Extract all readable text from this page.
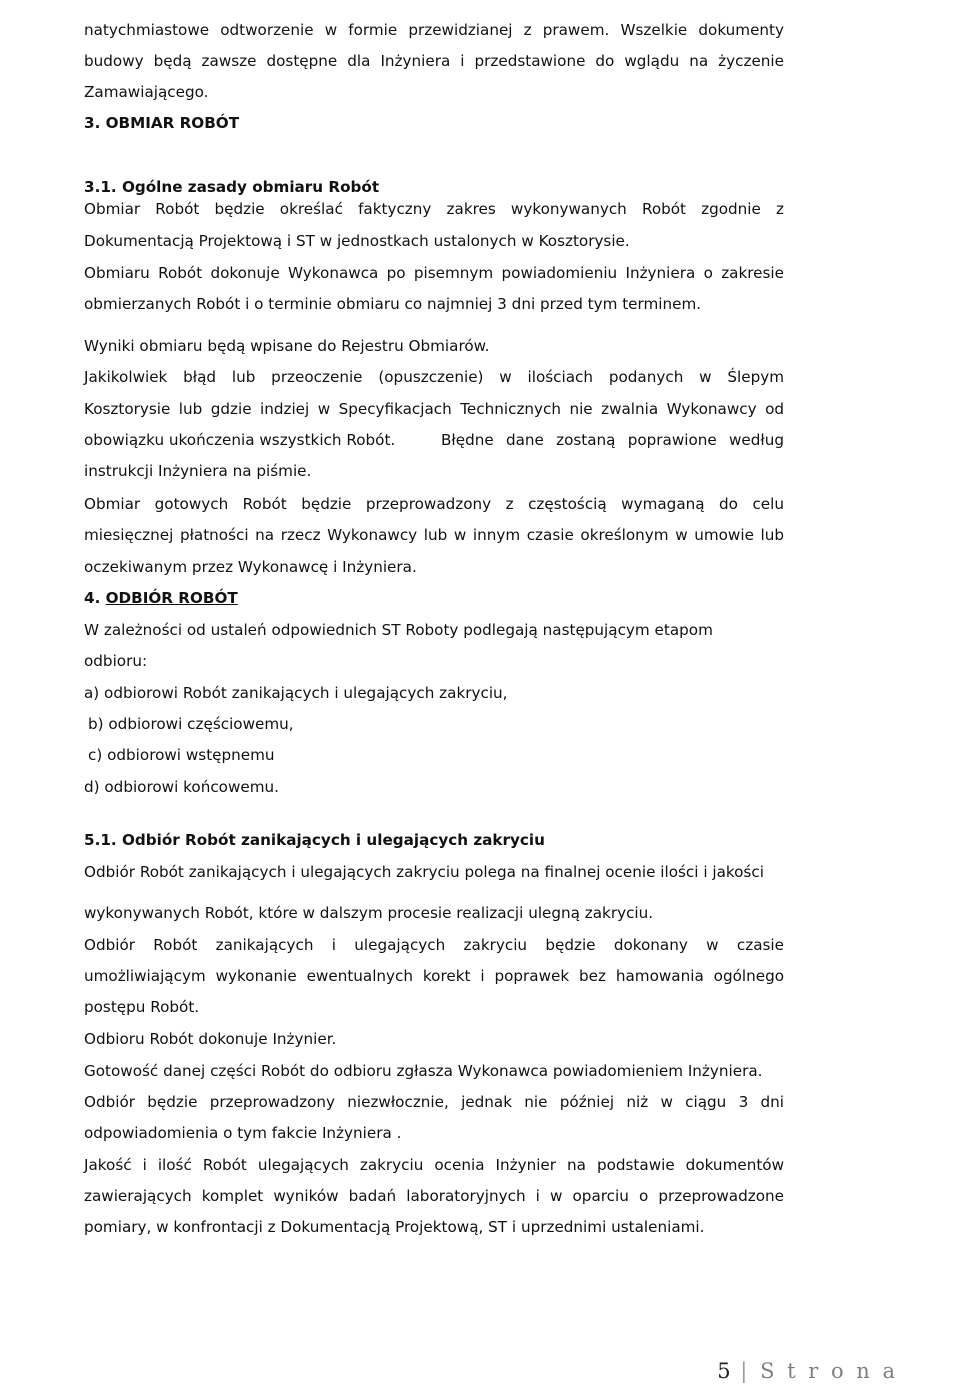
natychmiastowe odtworzenie w formie przewidzianej z prawem. Wszelkie dokumenty
budowy będą zawsze dostępne dla Inżyniera i przedstawione do wglądu na życzenie
Zamawiającego.
3. OBMIAR ROBÓT
3.1. Ogólne zasady obmiaru Robót
Obmiar Robót będzie określać faktyczny zakres wykonywanych Robót zgodnie z
Dokumentacją Projektową i ST w jednostkach ustalonych w Kosztorysie.
Obmiaru Robót dokonuje Wykonawca po pisemnym powiadomieniu Inżyniera o zakresie
obmierzanych Robót i o terminie obmiaru co najmniej 3 dni przed tym terminem.
Wyniki obmiaru będą wpisane do Rejestru Obmiarów.
Jakikolwiek błąd lub przeoczenie (opuszczenie) w ilościach podanych w Ślepym
Kosztorysie lub gdzie indziej w Specyfikacjach Technicznych nie zwalnia Wykonawcy od
obowiązku ukończenia wszystkich Robót.	Błędne dane zostaną poprawione według
instrukcji Inżyniera na piśmie.
Obmiar gotowych Robót będzie przeprowadzony z częstością wymaganą do celu
miesięcznej płatności na rzecz Wykonawcy lub w innym czasie określonym w umowie lub
oczekiwanym przez Wykonawcę i Inżyniera.
4. ODBIÓR ROBÓT
W zależności od ustaleń odpowiednich ST Roboty podlegają następującym etapom
odbioru:
a) odbiorowi Robót zanikających i ulegających zakryciu,
b) odbiorowi częściowemu,
c) odbiorowi wstępnemu
d) odbiorowi końcowemu.
5.1. Odbiór Robót zanikających i ulegających zakryciu
Odbiór Robót zanikających i ulegających zakryciu polega na finalnej ocenie ilości i jakości
wykonywanych Robót, które w dalszym procesie realizacji ulegną zakryciu.
Odbiór Robót zanikających i ulegających zakryciu będzie dokonany w czasie
umożliwiającym wykonanie ewentualnych korekt i poprawek bez hamowania ogólnego
postępu Robót.
Odbioru Robót dokonuje Inżynier.
Gotowość danej części Robót do odbioru zgłasza Wykonawca powiadomieniem Inżyniera.
Odbiór będzie przeprowadzony niezwłocznie, jednak nie później niż w ciągu 3 dni
odpowiadomienia o tym fakcie Inżyniera .
Jakość i ilość Robót ulegających zakryciu ocenia Inżynier na podstawie dokumentów
zawierających komplet wyników badań laboratoryjnych i w oparciu o przeprowadzone
pomiary, w konfrontacji z Dokumentacją Projektową, ST i uprzednimi ustaleniami.
5 | S t r o n a
